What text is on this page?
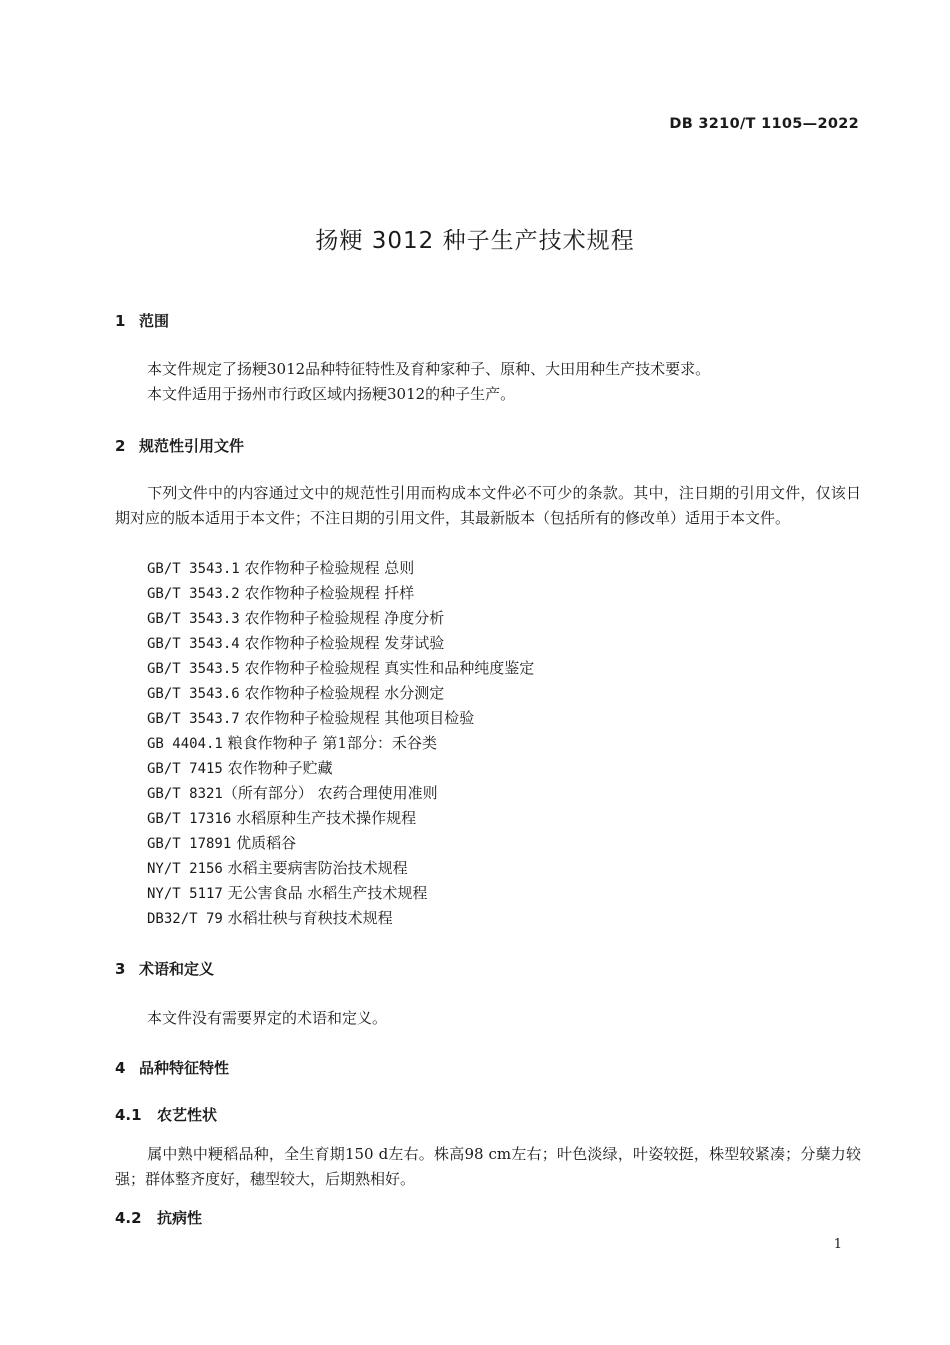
DB 3210/T 1105—2022
扬粳 3012 种子生产技术规程
1 范围

本文件规定了扬粳3012品种特征特性及育种家种子、原种、大田用种生产技术要求。

本文件适用于扬州市行政区域内扬粳3012的种子生产。

2 规范性引用文件

下列文件中的内容通过文中的规范性引用而构成本文件必不可少的条款。其中，注日期的引用文件，仅该日期对应的版本适用于本文件；不注日期的引用文件，其最新版本（包括所有的修改单）适用于本文件。

GB/T 3543.1 农作物种子检验规程 总则
GB/T 3543.2 农作物种子检验规程 扦样
GB/T 3543.3 农作物种子检验规程 净度分析
GB/T 3543.4 农作物种子检验规程 发芽试验
GB/T 3543.5 农作物种子检验规程 真实性和品种纯度鉴定
GB/T 3543.6 农作物种子检验规程 水分测定
GB/T 3543.7 农作物种子检验规程 其他项目检验
GB 4404.1 粮食作物种子 第1部分：禾谷类
GB/T 7415 农作物种子贮藏
GB/T 8321（所有部分） 农药合理使用准则
GB/T 17316 水稻原种生产技术操作规程
GB/T 17891 优质稻谷
NY/T 2156 水稻主要病害防治技术规程
NY/T 5117 无公害食品 水稻生产技术规程
DB32/T 79 水稻壮秧与育秧技术规程
3 术语和定义

本文件没有需要界定的术语和定义。

4 品种特征特性
4.1 农艺性状

属中熟中粳稻品种，全生育期150 d左右。株高98 cm左右；叶色淡绿，叶姿较挺，株型较紧凑；分蘖力较强；群体整齐度好，穗型较大，后期熟相好。

4.2 抗病性
1
